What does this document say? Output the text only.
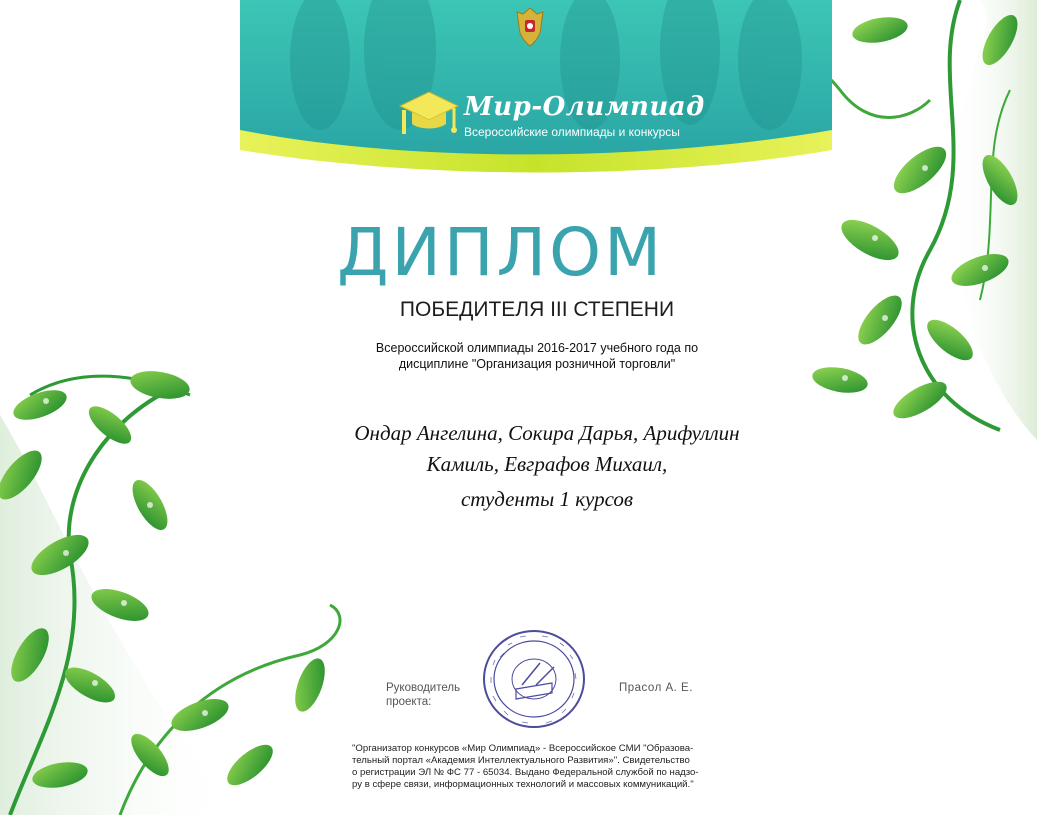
Мир-Олимпиад
Всероссийские олимпиады и конкурсы
ДИПЛОМ
ПОБЕДИТЕЛЯ III СТЕПЕНИ
Всероссийской олимпиады 2016-2017 учебного года по
дисциплине "Организация розничной торговли"
Ондар Ангелина, Сокира Дарья, Арифуллин
Камиль, Евграфов Михаил,
студенты 1 курсов
Руководитель
проекта:
Прасол А. Е.
"Организатор конкурсов «Мир Олимпиад» - Всероссийское СМИ "Образова-
тельный портал «Академия Интеллектуального Развития»". Свидетельство
о регистрации ЭЛ № ФС 77 - 65034. Выдано Федеральной службой по надзо-
ру в сфере связи, информационных технологий и массовых коммуникаций."
